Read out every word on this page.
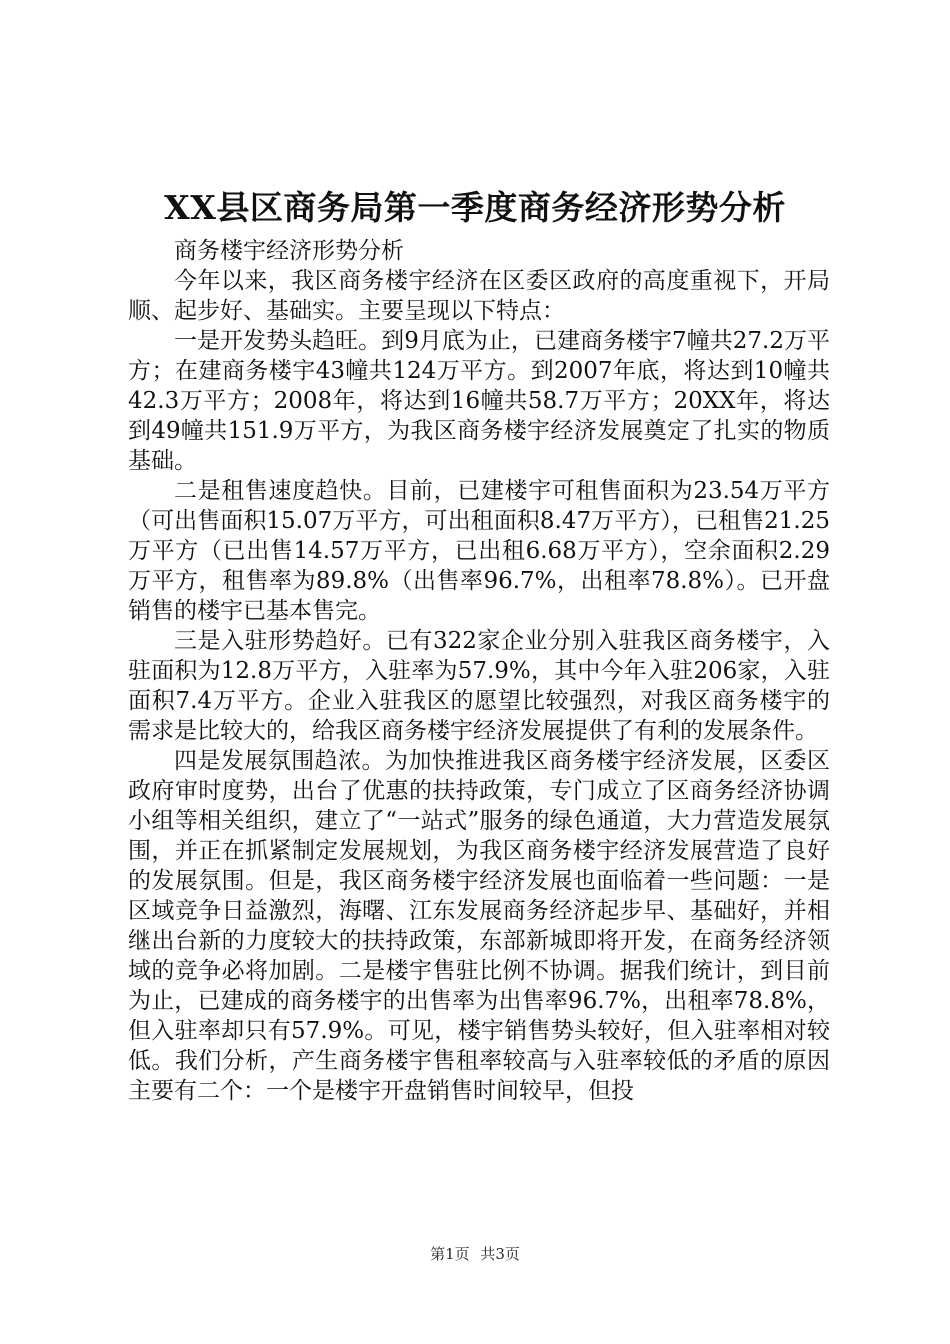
XX县区商务局第一季度商务经济形势分析

商务楼宇经济形势分析

今年以来，我区商务楼宇经济在区委区政府的高度重视下，开局顺、起步好、基础实。主要呈现以下特点：

一是开发势头趋旺。到9月底为止，已建商务楼宇7幢共27.2万平方；在建商务楼宇43幢共124万平方。到2007年底，将达到10幢共42.3万平方；2008年，将达到16幢共58.7万平方；20XX年，将达到49幢共151.9万平方，为我区商务楼宇经济发展奠定了扎实的物质基础。

二是租售速度趋快。目前，已建楼宇可租售面积为23.54万平方（可出售面积15.07万平方，可出租面积8.47万平方），已租售21.25万平方（已出售14.57万平方，已出租6.68万平方），空余面积2.29万平方，租售率为89.8%（出售率96.7%，出租率78.8%）。已开盘销售的楼宇已基本售完。

三是入驻形势趋好。已有322家企业分别入驻我区商务楼宇，入驻面积为12.8万平方，入驻率为57.9%，其中今年入驻206家，入驻面积7.4万平方。企业入驻我区的愿望比较强烈，对我区商务楼宇的需求是比较大的，给我区商务楼宇经济发展提供了有利的发展条件。

四是发展氛围趋浓。为加快推进我区商务楼宇经济发展，区委区政府审时度势，出台了优惠的扶持政策，专门成立了区商务经济协调小组等相关组织，建立了“一站式”服务的绿色通道，大力营造发展氛围，并正在抓紧制定发展规划，为我区商务楼宇经济发展营造了良好的发展氛围。但是，我区商务楼宇经济发展也面临着一些问题：一是区域竞争日益激烈，海曙、江东发展商务经济起步早、基础好，并相继出台新的力度较大的扶持政策，东部新城即将开发，在商务经济领域的竞争必将加剧。二是楼宇售驻比例不协调。据我们统计，到目前为止，已建成的商务楼宇的出售率为出售率96.7%，出租率78.8%，但入驻率却只有57.9%。可见，楼宇销售势头较好，但入驻率相对较低。我们分析，产生商务楼宇售租率较高与入驻率较低的矛盾的原因主要有二个：一个是楼宇开盘销售时间较早，但投

第1页 共3页
